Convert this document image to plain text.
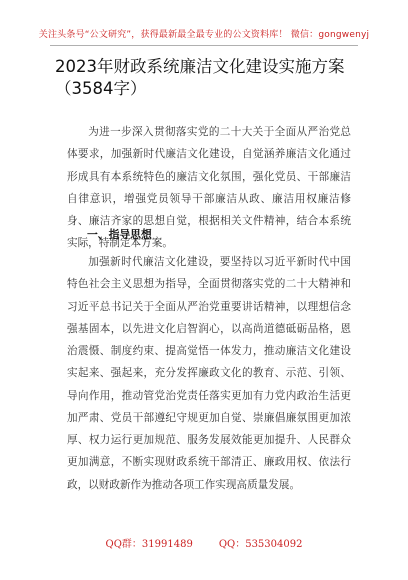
关注头条号“公文研究”，获得最新最全最专业的公文资料库！ 微信：gongwenyj
2023年财政系统廉洁文化建设实施方案（3584字）
为进一步深入贯彻落实党的二十大关于全面从严治党总体要求，加强新时代廉洁文化建设，自觉涵养廉洁文化通过形成具有本系统特色的廉洁文化氛围，强化党员、干部廉洁自律意识，增强党员领导干部廉洁从政、廉洁用权廉洁修身、廉洁齐家的思想自觉，根据相关文件精神，结合本系统实际，特制定本方案。
一、指导思想
加强新时代廉洁文化建设，要坚持以习近平新时代中国特色社会主义思想为指导，全面贯彻落实党的二十大精神和习近平总书记关于全面从严治党重要讲话精神，以理想信念强基固本，以先进文化启智润心，以高尚道德砥砺品格，恩治震慑、制度约束、提高觉悟一体发力，推动廉洁文化建设实起来、强起来，充分发挥廉政文化的教育、示范、引领、导向作用，推动管党治党责任落实更加有力党内政治生活更加严肃、党员干部遵纪守规更加自觉、崇廉倡廉氛围更加浓厚、权力运行更加规范、服务发展效能更加提升、人民群众更加满意，不断实现财政系统干部清正、廉政用权、依法行政，以财政新作为推动各项工作实现高质量发展。
QQ群：31991489	QQ：535304092
